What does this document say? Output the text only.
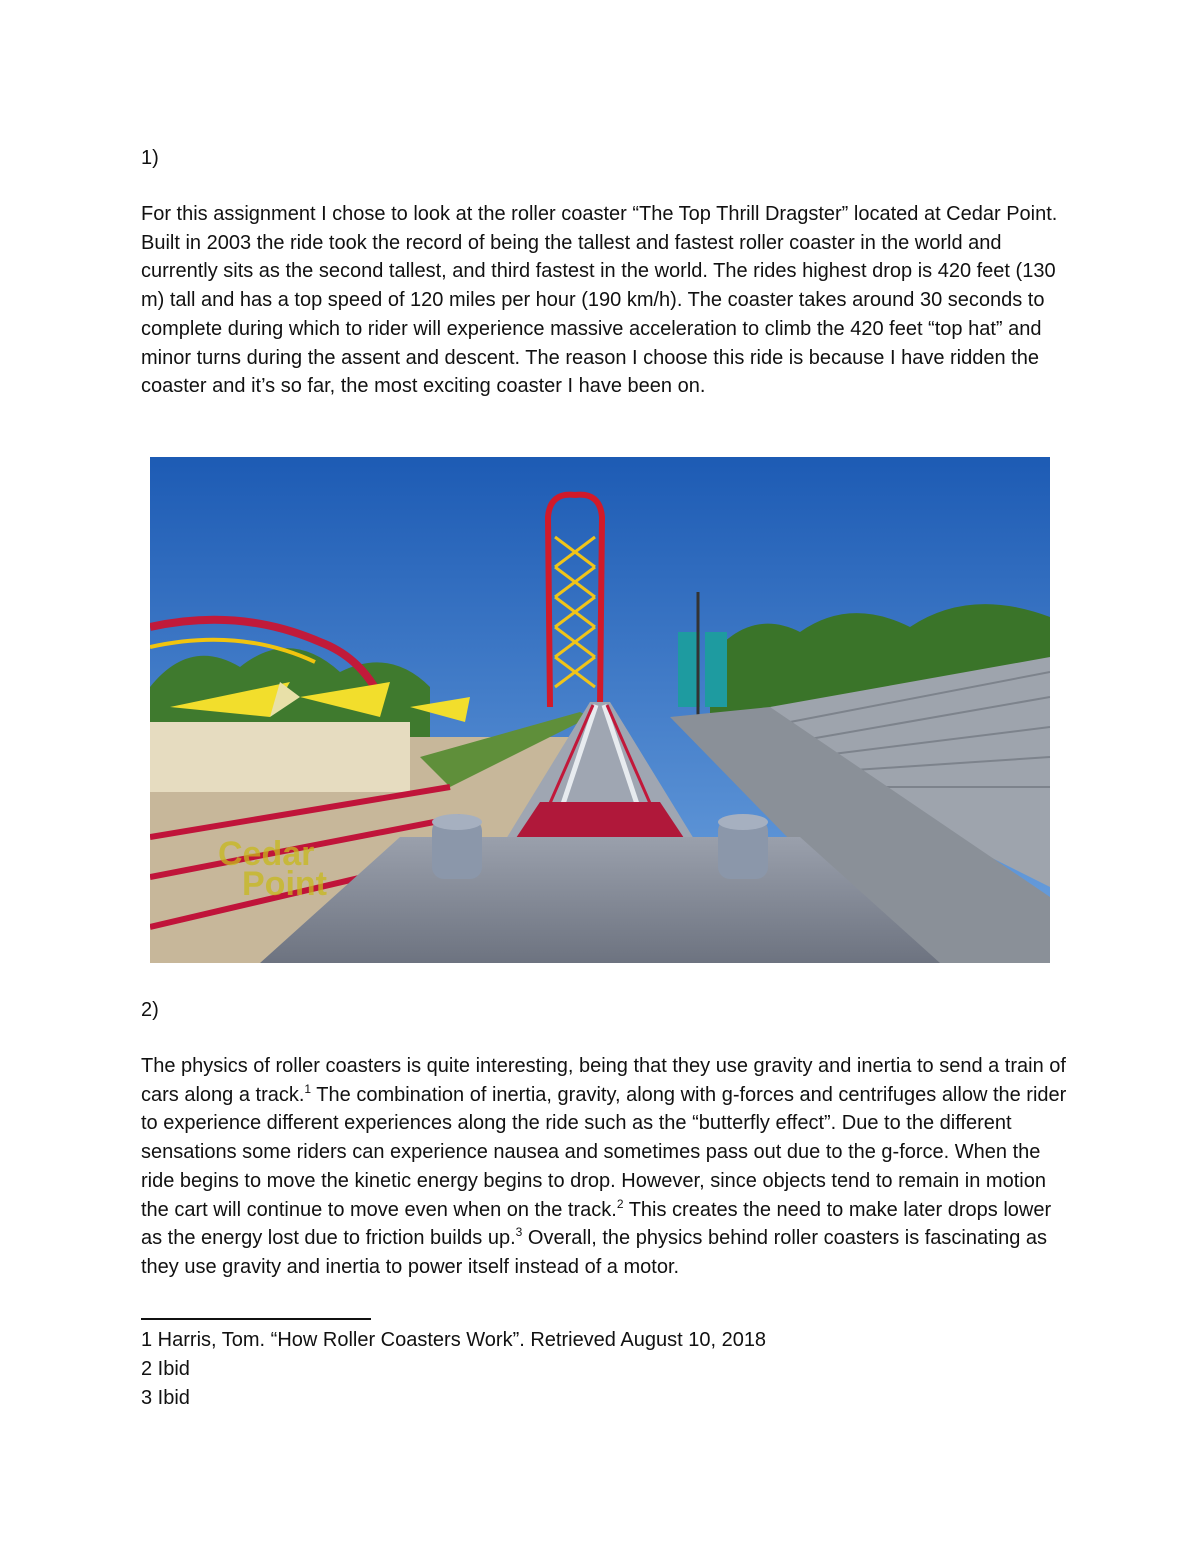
1)

For this assignment I chose to look at the roller coaster “The Top Thrill Dragster” located at Cedar Point. Built in 2003 the ride took the record of being the tallest and fastest roller coaster in the world and currently sits as the second tallest, and third fastest in the world. The rides highest drop is 420 feet (130 m) tall and has a top speed of 120 miles per hour (190 km/h). The coaster takes around 30 seconds to complete during which to rider will experience massive acceleration to climb the 420 feet “top hat” and minor turns during the assent and descent. The reason I choose this ride is because I have ridden the coaster and it’s so far, the most exciting coaster I have been on.

Cedar
Point
2)

The physics of roller coasters is quite interesting, being that they use gravity and inertia to send a train of cars along a track.$^1$ The combination of inertia, gravity, along with g-forces and centrifuges allow the rider to experience different experiences along the ride such as the “butterfly effect”. Due to the different sensations some riders can experience nausea and sometimes pass out due to the g-force. When the ride begins to move the kinetic energy begins to drop. However, since objects tend to remain in motion the cart will continue to move even when on the track.$^2$ This creates the need to make later drops lower as the energy lost due to friction builds up.$^3$ Overall, the physics behind roller coasters is fascinating as they use gravity and inertia to power itself instead of a motor.

1 Harris, Tom. “How Roller Coasters Work”. Retrieved August 10, 2018
2 Ibid
3 Ibid
